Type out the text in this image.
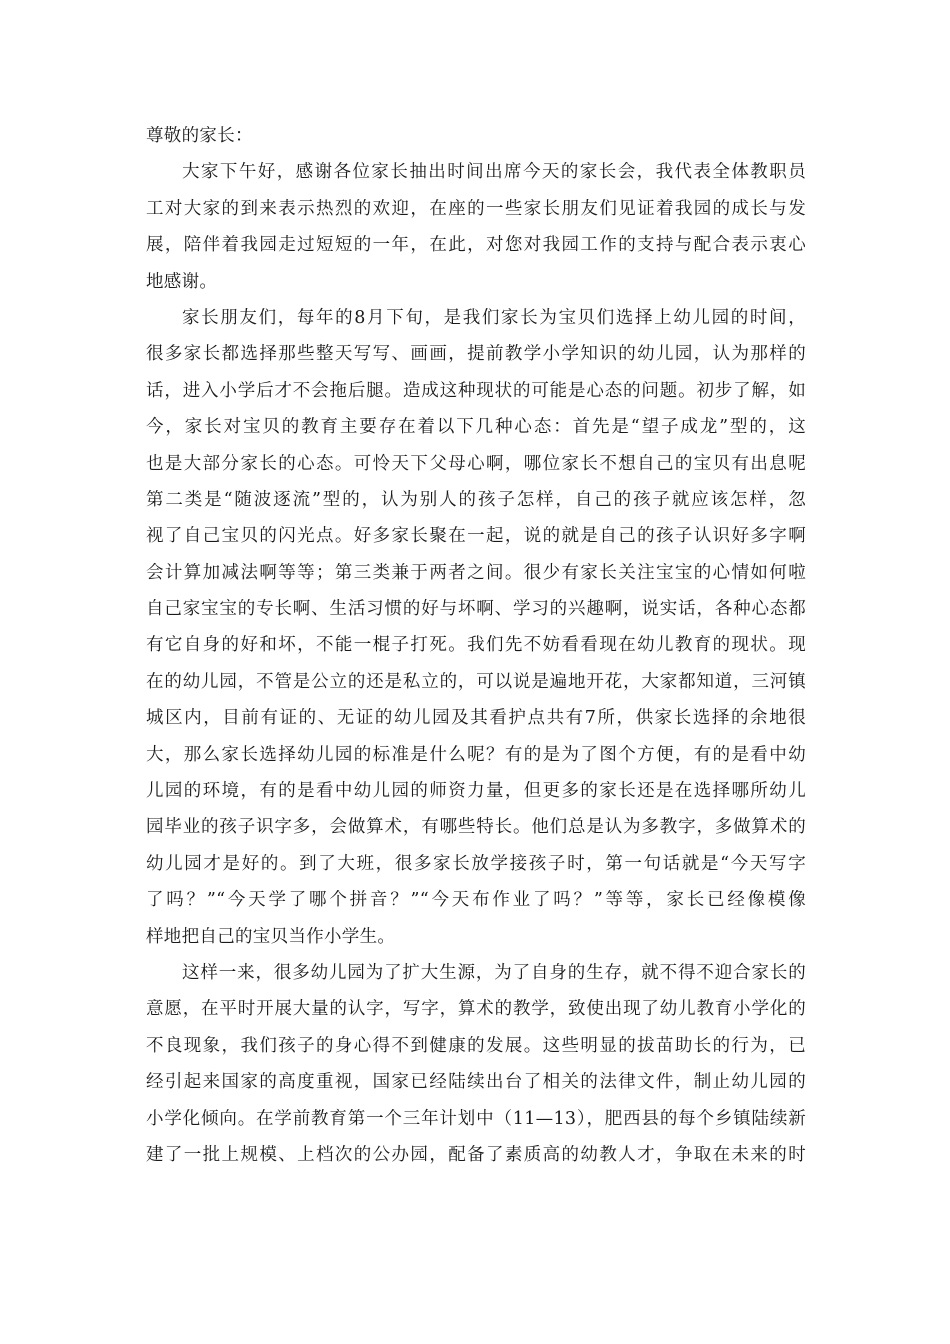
尊敬的家长：
大家下午好，感谢各位家长抽出时间出席今天的家长会，我代表全体教职员
工对大家的到来表示热烈的欢迎，在座的一些家长朋友们见证着我园的成长与发
展，陪伴着我园走过短短的一年，在此，对您对我园工作的支持与配合表示衷心
地感谢。
家长朋友们，每年的8月下旬，是我们家长为宝贝们选择上幼儿园的时间，
很多家长都选择那些整天写写、画画，提前教学小学知识的幼儿园，认为那样的
话，进入小学后才不会拖后腿。造成这种现状的可能是心态的问题。初步了解，如
今，家长对宝贝的教育主要存在着以下几种心态：首先是“望子成龙”型的，这
也是大部分家长的心态。可怜天下父母心啊，哪位家长不想自己的宝贝有出息呢
第二类是“随波逐流”型的，认为别人的孩子怎样，自己的孩子就应该怎样，忽
视了自己宝贝的闪光点。好多家长聚在一起，说的就是自己的孩子认识好多字啊
会计算加减法啊等等；第三类兼于两者之间。很少有家长关注宝宝的心情如何啦
自己家宝宝的专长啊、生活习惯的好与坏啊、学习的兴趣啊，说实话，各种心态都
有它自身的好和坏，不能一棍子打死。我们先不妨看看现在幼儿教育的现状。现
在的幼儿园，不管是公立的还是私立的，可以说是遍地开花，大家都知道，三河镇
城区内，目前有证的、无证的幼儿园及其看护点共有7所，供家长选择的余地很
大，那么家长选择幼儿园的标准是什么呢？有的是为了图个方便，有的是看中幼
儿园的环境，有的是看中幼儿园的师资力量，但更多的家长还是在选择哪所幼儿
园毕业的孩子识字多，会做算术，有哪些特长。他们总是认为多教字，多做算术的
幼儿园才是好的。到了大班，很多家长放学接孩子时，第一句话就是“今天写字
了吗？”“今天学了哪个拼音？”“今天布作业了吗？”等等，家长已经像模像
样地把自己的宝贝当作小学生。
这样一来，很多幼儿园为了扩大生源，为了自身的生存，就不得不迎合家长的
意愿，在平时开展大量的认字，写字，算术的教学，致使出现了幼儿教育小学化的
不良现象，我们孩子的身心得不到健康的发展。这些明显的拔苗助长的行为，已
经引起来国家的高度重视，国家已经陆续出台了相关的法律文件，制止幼儿园的
小学化倾向。在学前教育第一个三年计划中（11—13），肥西县的每个乡镇陆续新
建了一批上规模、上档次的公办园，配备了素质高的幼教人才，争取在未来的时
